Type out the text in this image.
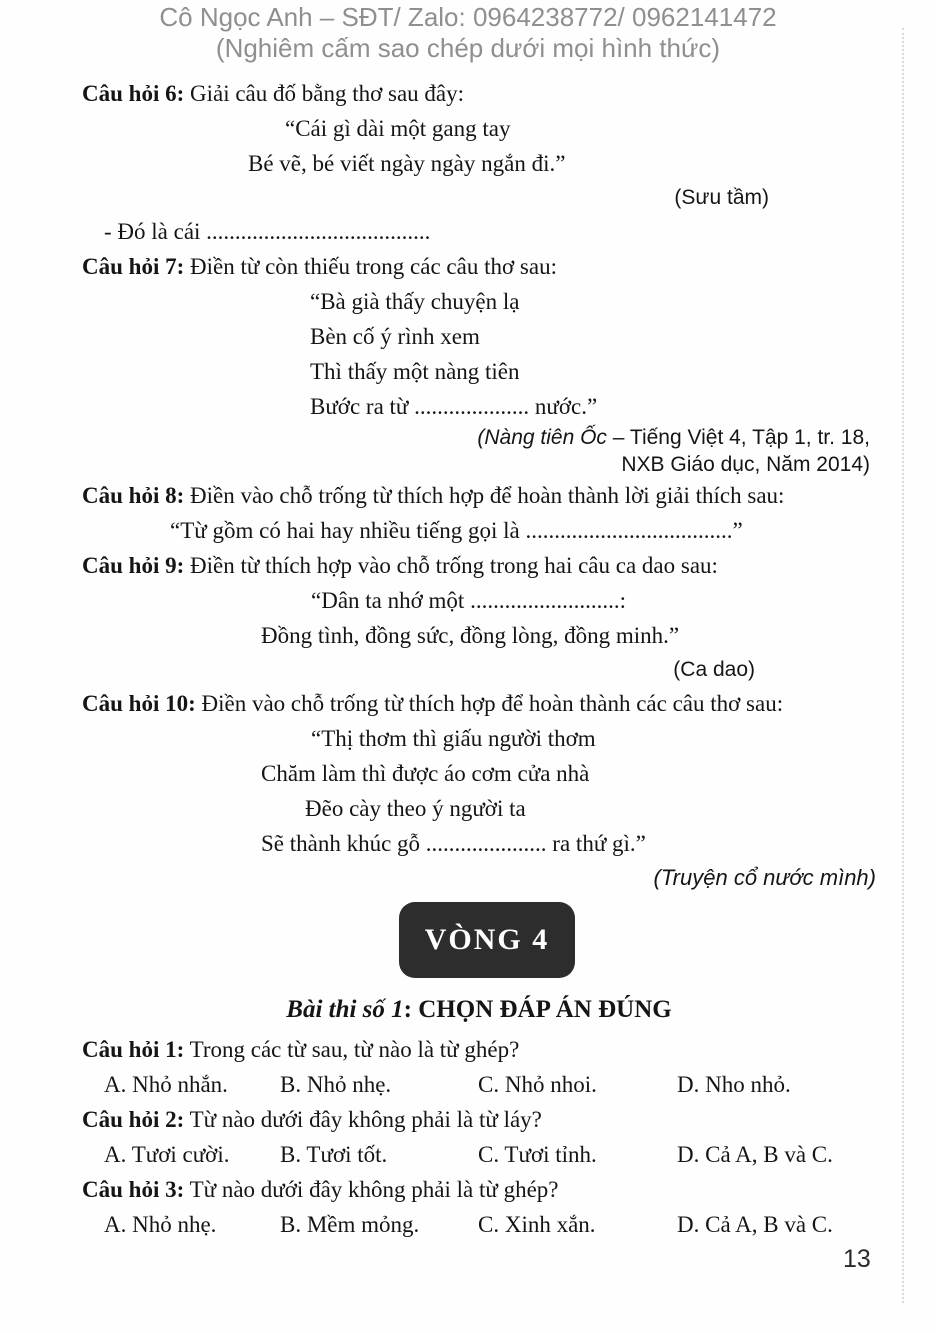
Cô Ngọc Anh – SĐT/ Zalo: 0964238772/ 0962141472
(Nghiêm cấm sao chép dưới mọi hình thức)
Câu hỏi 6: Giải câu đố bằng thơ sau đây:
“Cái gì dài một gang tay
Bé vẽ, bé viết ngày ngày ngắn đi.”
(Sưu tầm)
- Đó là cái .......................................
Câu hỏi 7: Điền từ còn thiếu trong các câu thơ sau:
“Bà già thấy chuyện lạ
Bèn cố ý rình xem
Thì thấy một nàng tiên
Bước ra từ .................... nước.”
(Nàng tiên Ốc – Tiếng Việt 4, Tập 1, tr. 18,
NXB Giáo dục, Năm 2014)
Câu hỏi 8: Điền vào chỗ trống từ thích hợp để hoàn thành lời giải thích sau:
“Từ gồm có hai hay nhiều tiếng gọi là ....................................”
Câu hỏi 9: Điền từ thích hợp vào chỗ trống trong hai câu ca dao sau:
“Dân ta nhớ một ..........................:
Đồng tình, đồng sức, đồng lòng, đồng minh.”
(Ca dao)
Câu hỏi 10: Điền vào chỗ trống từ thích hợp để hoàn thành các câu thơ sau:
“Thị thơm thì giấu người thơm
Chăm làm thì được áo cơm cửa nhà
Đẽo cày theo ý người ta
Sẽ thành khúc gỗ ..................... ra thứ gì.”
(Truyện cổ nước mình)
VÒNG 4
Bài thi số 1: CHỌN ĐÁP ÁN ĐÚNG
Câu hỏi 1: Trong các từ sau, từ nào là từ ghép?
A. Nhỏ nhắn. B. Nhỏ nhẹ.	C. Nhỏ nhoi.	D. Nho nhỏ.
Câu hỏi 2: Từ nào dưới đây không phải là từ láy?
A. Tươi cười. B. Tươi tốt.	C. Tươi tỉnh.	D. Cả A, B và C.
Câu hỏi 3: Từ nào dưới đây không phải là từ ghép?
A. Nhỏ nhẹ.	B. Mềm mỏng.	C. Xinh xắn.	D. Cả A, B và C.
13
